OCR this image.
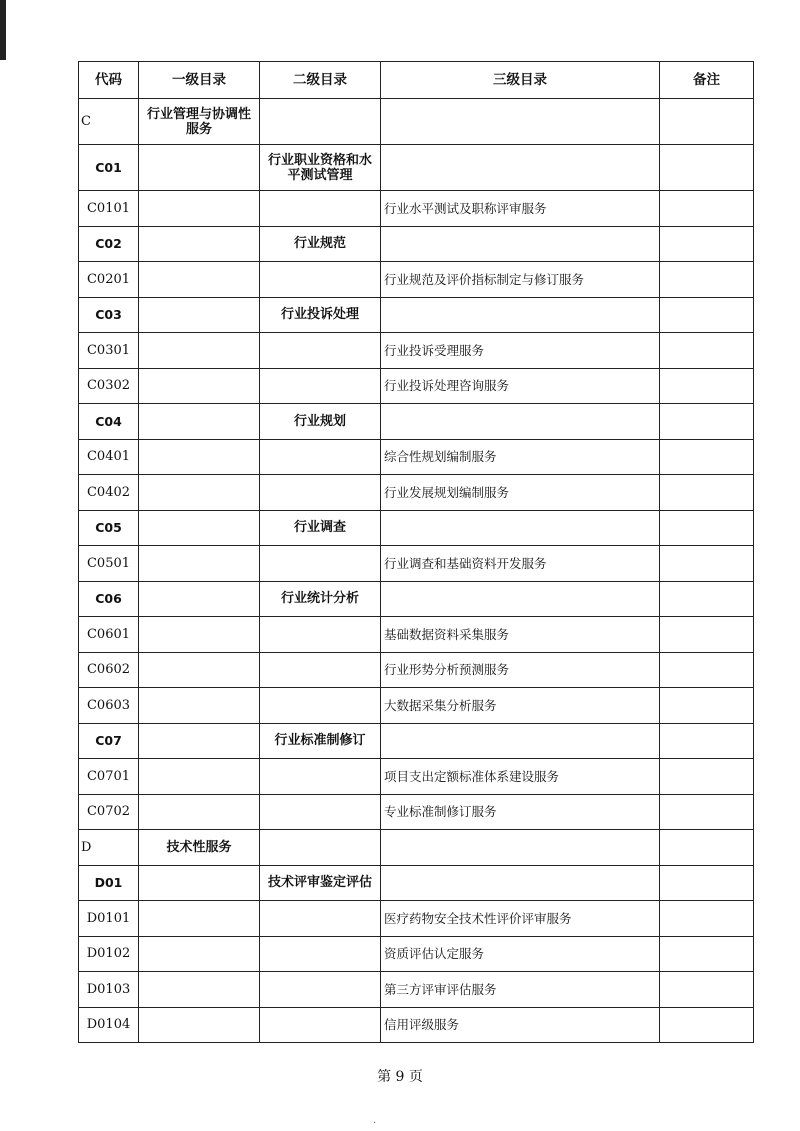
代码	一级目录	二级目录	三级目录	备注
C	行业管理与协调性服务			
C01		行业职业资格和水平测试管理		
C0101			行业水平测试及职称评审服务	
C02		行业规范		
C0201			行业规范及评价指标制定与修订服务	
C03		行业投诉处理		
C0301			行业投诉受理服务	
C0302			行业投诉处理咨询服务	
C04		行业规划		
C0401			综合性规划编制服务	
C0402			行业发展规划编制服务	
C05		行业调查		
C0501			行业调查和基础资料开发服务	
C06		行业统计分析		
C0601			基础数据资料采集服务	
C0602			行业形势分析预测服务	
C0603			大数据采集分析服务	
C07		行业标准制修订		
C0701			项目支出定额标准体系建设服务	
C0702			专业标准制修订服务	
D	技术性服务			
D01		技术评审鉴定评估		
D0101			医疗药物安全技术性评价评审服务	
D0102			资质评估认定服务	
D0103			第三方评审评估服务	
D0104			信用评级服务	
第 9 页
·
